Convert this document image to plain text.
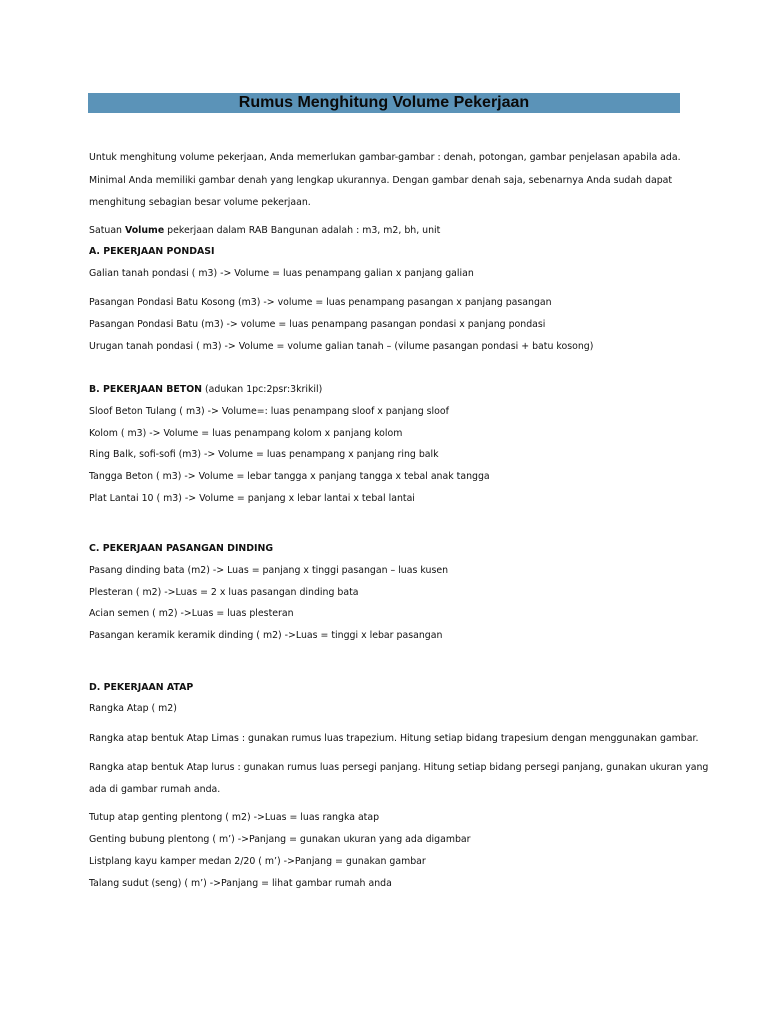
Rumus Menghitung Volume Pekerjaan
Untuk menghitung volume pekerjaan, Anda memerlukan gambar-gambar : denah, potongan, gambar penjelasan apabila ada.
Minimal Anda memiliki gambar denah yang lengkap ukurannya. Dengan gambar denah saja, sebenarnya Anda sudah dapat
menghitung sebagian besar volume pekerjaan.
Satuan Volume pekerjaan dalam RAB Bangunan adalah : m3, m2, bh, unit
A. PEKERJAAN PONDASI
Galian tanah pondasi ( m3) -> Volume = luas penampang galian x panjang galian
Pasangan Pondasi Batu Kosong (m3) -> volume = luas penampang pasangan x panjang pasangan
Pasangan Pondasi Batu (m3) -> volume = luas penampang pasangan pondasi x panjang pondasi
Urugan tanah pondasi ( m3) -> Volume = volume galian tanah – (vilume pasangan pondasi + batu kosong)
B. PEKERJAAN BETON (adukan 1pc:2psr:3krikil)
Sloof Beton Tulang ( m3) -> Volume=: luas penampang sloof x panjang sloof
Kolom ( m3) -> Volume = luas penampang kolom x panjang kolom
Ring Balk, sofi-sofi (m3) -> Volume = luas penampang x panjang ring balk
Tangga Beton ( m3) -> Volume = lebar tangga x panjang tangga x tebal anak tangga
Plat Lantai 10 ( m3) -> Volume = panjang x lebar lantai x tebal lantai
C. PEKERJAAN PASANGAN DINDING
Pasang dinding bata (m2) -> Luas = panjang x tinggi pasangan – luas kusen
Plesteran ( m2) ->Luas = 2 x luas pasangan dinding bata
Acian semen ( m2) ->Luas = luas plesteran
Pasangan keramik keramik dinding ( m2) ->Luas = tinggi x lebar pasangan
D. PEKERJAAN ATAP
Rangka Atap ( m2)
Rangka atap bentuk Atap Limas : gunakan rumus luas trapezium. Hitung setiap bidang trapesium dengan menggunakan gambar.
Rangka atap bentuk Atap lurus : gunakan rumus luas persegi panjang. Hitung setiap bidang persegi panjang, gunakan ukuran yang
ada di gambar rumah anda.
Tutup atap genting plentong ( m2) ->Luas = luas rangka atap
Genting bubung plentong ( m’) ->Panjang = gunakan ukuran yang ada digambar
Listplang kayu kamper medan 2/20 ( m’) ->Panjang = gunakan gambar
Talang sudut (seng) ( m’) ->Panjang = lihat gambar rumah anda
